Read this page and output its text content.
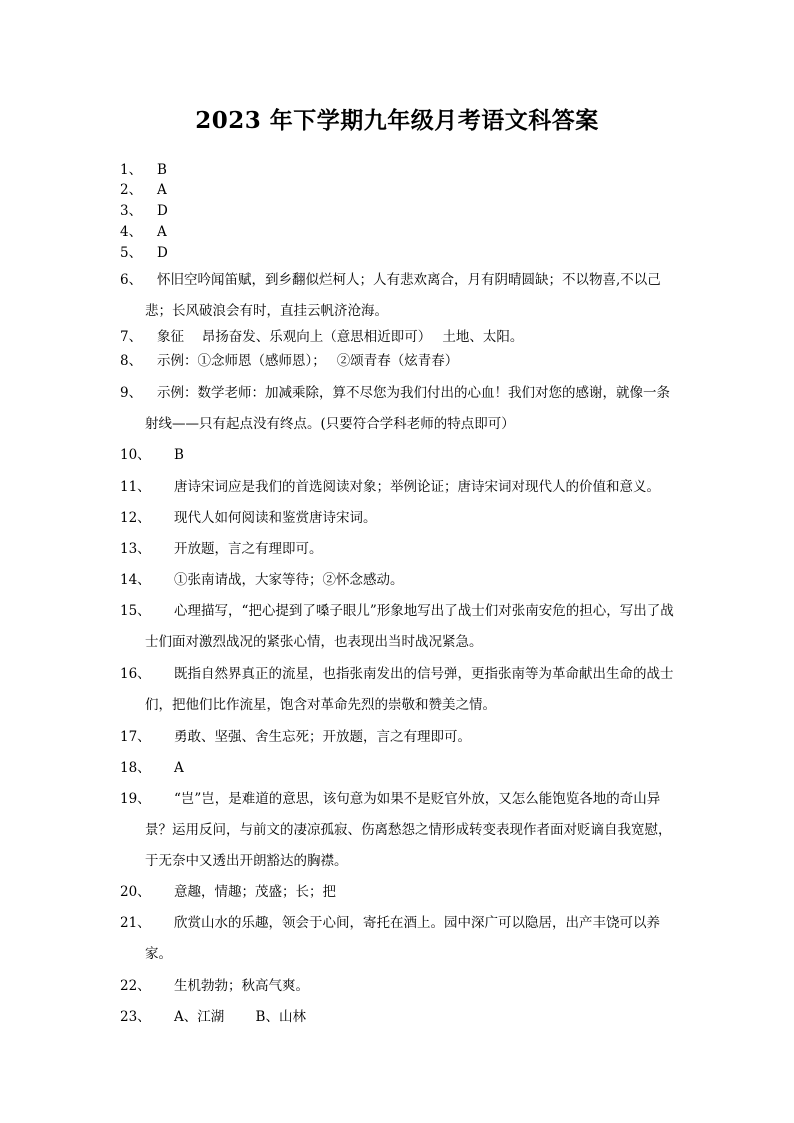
2023 年下学期九年级月考语文科答案
1、	B
2、	A
3、	D
4、	A
5、	D
6、	怀旧空吟闻笛赋，到乡翻似烂柯人；人有悲欢离合，月有阴晴圆缺；不以物喜,不以己悲；长风破浪会有时，直挂云帆济沧海。
7、	象征　 昂扬奋发、乐观向上（意思相近即可）　 土地、太阳。
8、	示例：①念师恩（感师恩）；　 ②颂青春（炫青春）
9、	示例：数学老师：加减乘除，算不尽您为我们付出的心血！我们对您的感谢，就像一条射线——只有起点没有终点。(只要符合学科老师的特点即可）
10、	B
11、	唐诗宋词应是我们的首选阅读对象；举例论证；唐诗宋词对现代人的价值和意义。
12、	现代人如何阅读和鉴赏唐诗宋词。
13、	开放题，言之有理即可。
14、	①张南请战，大家等待；②怀念感动。
15、	心理描写，“把心提到了嗓子眼儿”形象地写出了战士们对张南安危的担心，写出了战士们面对激烈战况的紧张心情，也表现出当时战况紧急。
16、	既指自然界真正的流星，也指张南发出的信号弹，更指张南等为革命献出生命的战士们，把他们比作流星，饱含对革命先烈的崇敬和赞美之情。
17、	勇敢、坚强、舍生忘死；开放题，言之有理即可。
18、	A
19、	“岂”岂，是难道的意思，该句意为如果不是贬官外放，又怎么能饱览各地的奇山异景？运用反问，与前文的凄凉孤寂、伤离愁怨之情形成转变表现作者面对贬谪自我宽慰，于无奈中又透出开朗豁达的胸襟。
20、	意趣，情趣；茂盛；长；把
21、	欣赏山水的乐趣，领会于心间，寄托在酒上。园中深广可以隐居，出产丰饶可以养家。
22、	生机勃勃；秋高气爽。
23、	A、江湖　　 B、山林
